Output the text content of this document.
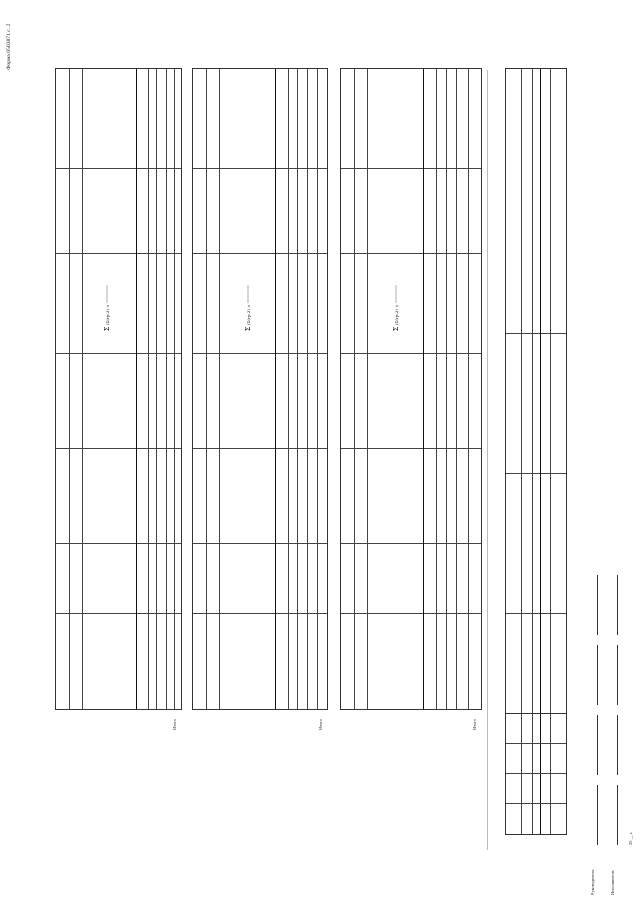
Форма 0503871 с. 2
Σ
(Σ(гр.3) ×
Итого
Σ
(Σ(гр.3) ×
Итого
Σ
(Σ(гр.3) ×
Итого
Руководитель	Исполнитель
20 __ г.
